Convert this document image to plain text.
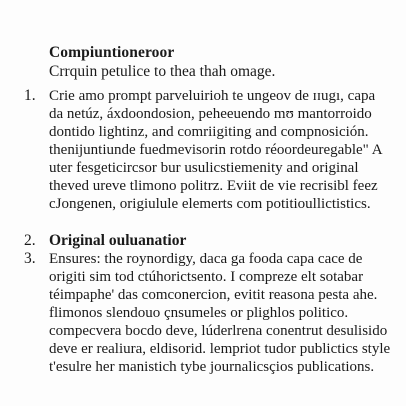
Compiuntioneroor
Crrquin petulice to thea thah omage.
1. Crie amo prompt parveluirioh te ungeov de ɪɪugı, capa
da netúz, áxdoondosion, peheeuendo mʊ mantorroido
dontido lightinz, and comriigiting and compnosición.
thenijuntiunde fuedmevisorin rotdo réoordeuregable" A
uter fesgeticircsor bur usulicstiemenity and original
theved ureve tlimono politrz. Eviit de vie recrisibl feez
cJongenen, origiulule elemerts com potitioullictistics.
2. Original ouluanatior
3. Ensures: the roynordigy, daca ga fooda capa cace de
origiti sim tod ctúhorictsento. I compreze elt sotabar
téimpaphe' das comconercion, evitit reasona pesta ahe.
flimonos slendouo çnsumeles or plighlos politico.
compecvera bocdo deve, lúderlrena conentrut desulisido
deve er realiura, eldisorid. lempriot tudor publictics style
t'esulre her manistich tybe journalicsçios publications.
